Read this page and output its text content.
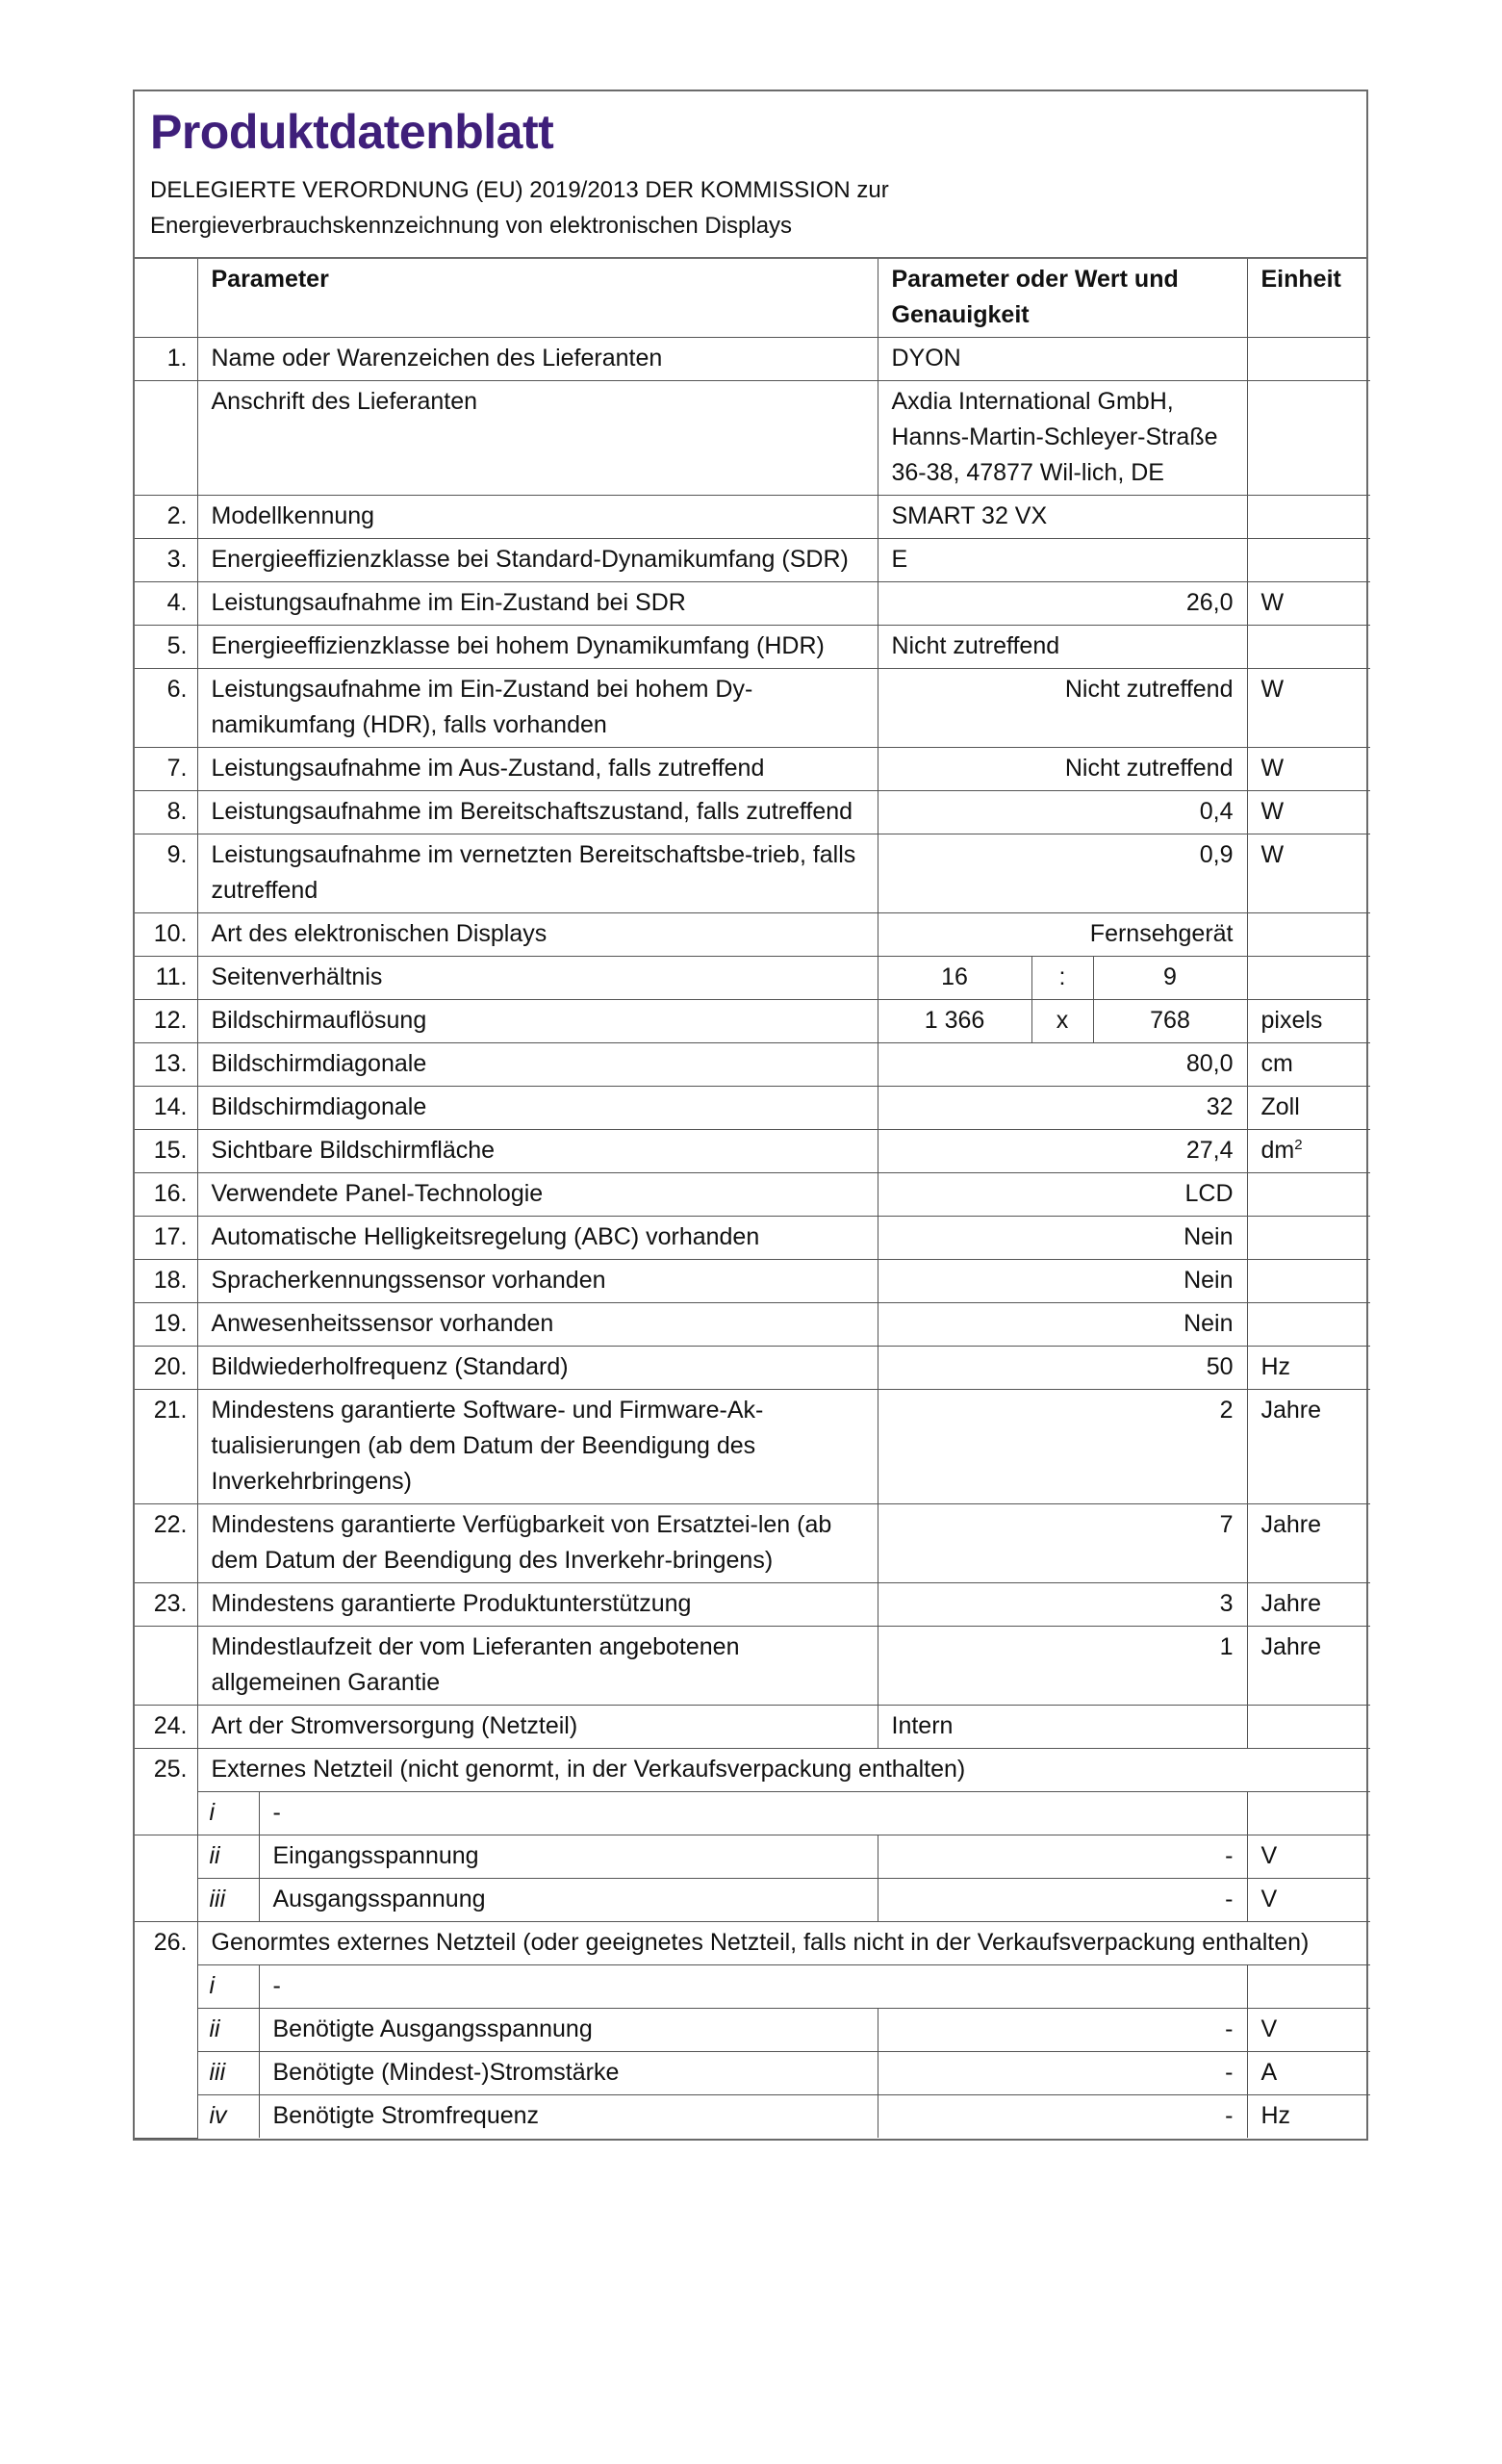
Produktdatenblatt
DELEGIERTE VERORDNUNG (EU) 2019/2013 DER KOMMISSION zur
Energieverbrauchskennzeichnung von elektronischen Displays
	Parameter		Parameter oder Wert und Genauigkeit			Einheit
1.	Name oder Warenzeichen des Lieferanten		DYON			
	Anschrift des Lieferanten		Axdia International GmbH, Hanns-Martin-Schleyer-Straße 36-38, 47877 Wil-lich, DE			
2.	Modellkennung		SMART 32 VX			
3.	Energieeffizienzklasse bei Standard-Dynamikumfang (SDR)		E			
4.	Leistungsaufnahme im Ein-Zustand bei SDR		26,0			W
5.	Energieeffizienzklasse bei hohem Dynamikumfang (HDR)		Nicht zutreffend			
6.	Leistungsaufnahme im Ein-Zustand bei hohem Dy-namikumfang (HDR), falls vorhanden		Nicht zutreffend			W
7.	Leistungsaufnahme im Aus-Zustand, falls zutreffend		Nicht zutreffend			W
8.	Leistungsaufnahme im Bereitschaftszustand, falls zutreffend		0,4			W
9.	Leistungsaufnahme im vernetzten Bereitschaftsbe-trieb, falls zutreffend		0,9			W
10.	Art des elektronischen Displays		Fernsehgerät			
11.	Seitenverhältnis		16	:	9	
12.	Bildschirmauflösung		1 366	x	768	pixels
13.	Bildschirmdiagonale		80,0			cm
14.	Bildschirmdiagonale		32			Zoll
15.	Sichtbare Bildschirmfläche		27,4			$dm^2$
16.	Verwendete Panel-Technologie		LCD			
17.	Automatische Helligkeitsregelung (ABC) vorhanden		Nein			
18.	Spracherkennungssensor vorhanden		Nein			
19.	Anwesenheitssensor vorhanden		Nein			
20.	Bildwiederholfrequenz (Standard)		50			Hz
21.	Mindestens garantierte Software- und Firmware-Ak-tualisierungen (ab dem Datum der Beendigung des Inverkehrbringens)		2			Jahre
22.	Mindestens garantierte Verfügbarkeit von Ersatztei-len (ab dem Datum der Beendigung des Inverkehr-bringens)		7			Jahre
23.	Mindestens garantierte Produktunterstützung		3			Jahre
	Mindestlaufzeit der vom Lieferanten angebotenen allgemeinen Garantie		1			Jahre
24.	Art der Stromversorgung (Netzteil)		Intern			
25.	Externes Netzteil (nicht genormt, in der Verkaufsverpackung enthalten)					
	i	-				
	ii	Eingangsspannung	-			V
	iii	Ausgangsspannung	-			V
26.	Genormtes externes Netzteil (oder geeignetes Netzteil, falls nicht in der Verkaufsverpackung enthalten)					
	i	-				
	ii	Benötigte Ausgangsspannung	-			V
	iii	Benötigte (Mindest-)Stromstärke	-			A
	iv	Benötigte Stromfrequenz	-			Hz
